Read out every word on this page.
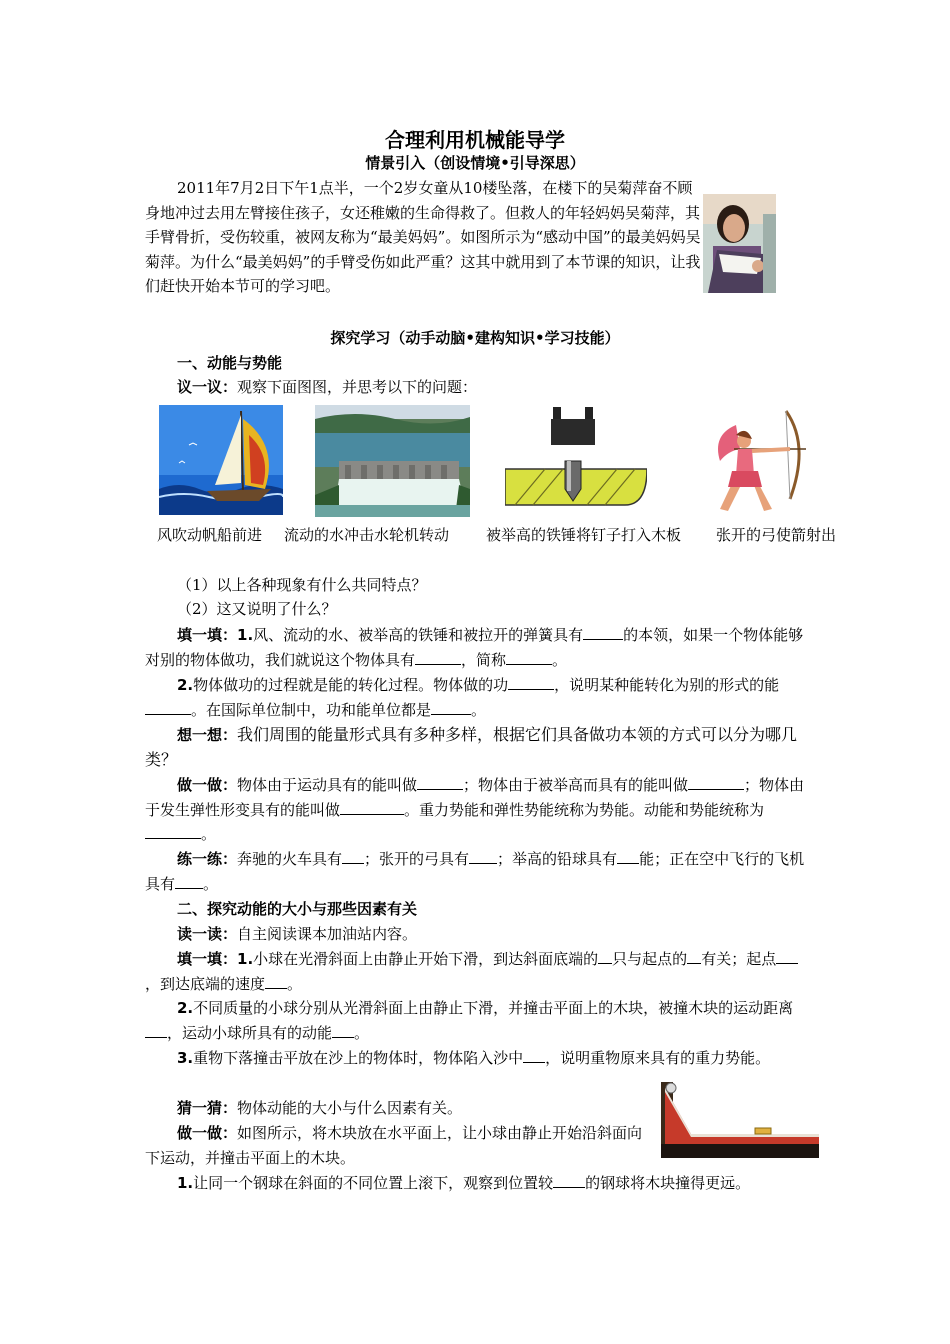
合理利用机械能导学
情景引入（创设情境•引导深思）
2011年7月2日下午1点半，一个2岁女童从10楼坠落，在楼下的吴菊萍奋不顾身地冲过去用左臂接住孩子，女还稚嫩的生命得救了。但救人的年轻妈妈吴菊萍，其手臂骨折，受伤较重，被网友称为“最美妈妈”。如图所示为“感动中国”的最美妈妈吴菊萍。为什么“最美妈妈”的手臂受伤如此严重？这其中就用到了本节课的知识，让我们赶快开始本节可的学习吧。
探究学习（动手动脑•建构知识•学习技能）
一、动能与势能
议一议：观察下面图图，并思考以下的问题：
风吹动帆船前进 流动的水冲击水轮机转动 被举高的铁锤将钉子打入木板 张开的弓使箭射出
（1）以上各种现象有什么共同特点？
（2）这又说明了什么？
填一填：1.风、流动的水、被举高的铁锤和被拉开的弹簧具有	的本领，如果一个物体能够对别的物体做功，我们就说这个物体具有	，简称	。
2.物体做功的过程就是能的转化过程。物体做的功	，说明某种能转化为别的形式的能。在国际单位制中，功和能单位都是	。
想一想：我们周围的能量形式具有多种多样，根据它们具备做功本领的方式可以分为哪几类？
做一做：物体由于运动具有的能叫做	；物体由于被举高而具有的能叫做	；物体由于发生弹性形变具有的能叫做	。重力势能和弹性势能统称为势能。动能和势能统称为。
练一练：奔驰的火车具有 ；张开的弓具有 ；举高的铅球具有 能；正在空中飞行的飞机具有 。
二、探究动能的大小与那些因素有关
读一读：自主阅读课本加油站内容。
填一填：1.小球在光滑斜面上由静止开始下滑，到达斜面底端的 只与起点的 有关；起点，到达底端的速度 。
2.不同质量的小球分别从光滑斜面上由静止下滑，并撞击平面上的木块，被撞木块的运动距离，运动小球所具有的动能 。
3.重物下落撞击平放在沙上的物体时，物体陷入沙中 ，说明重物原来具有的重力势能。
猜一猜：物体动能的大小与什么因素有关。
做一做：如图所示，将木块放在水平面上，让小球由静止开始沿斜面向下运动，并撞击平面上的木块。
1.让同一个钢球在斜面的不同位置上滚下，观察到位置较 的钢球将木块撞得更远。
